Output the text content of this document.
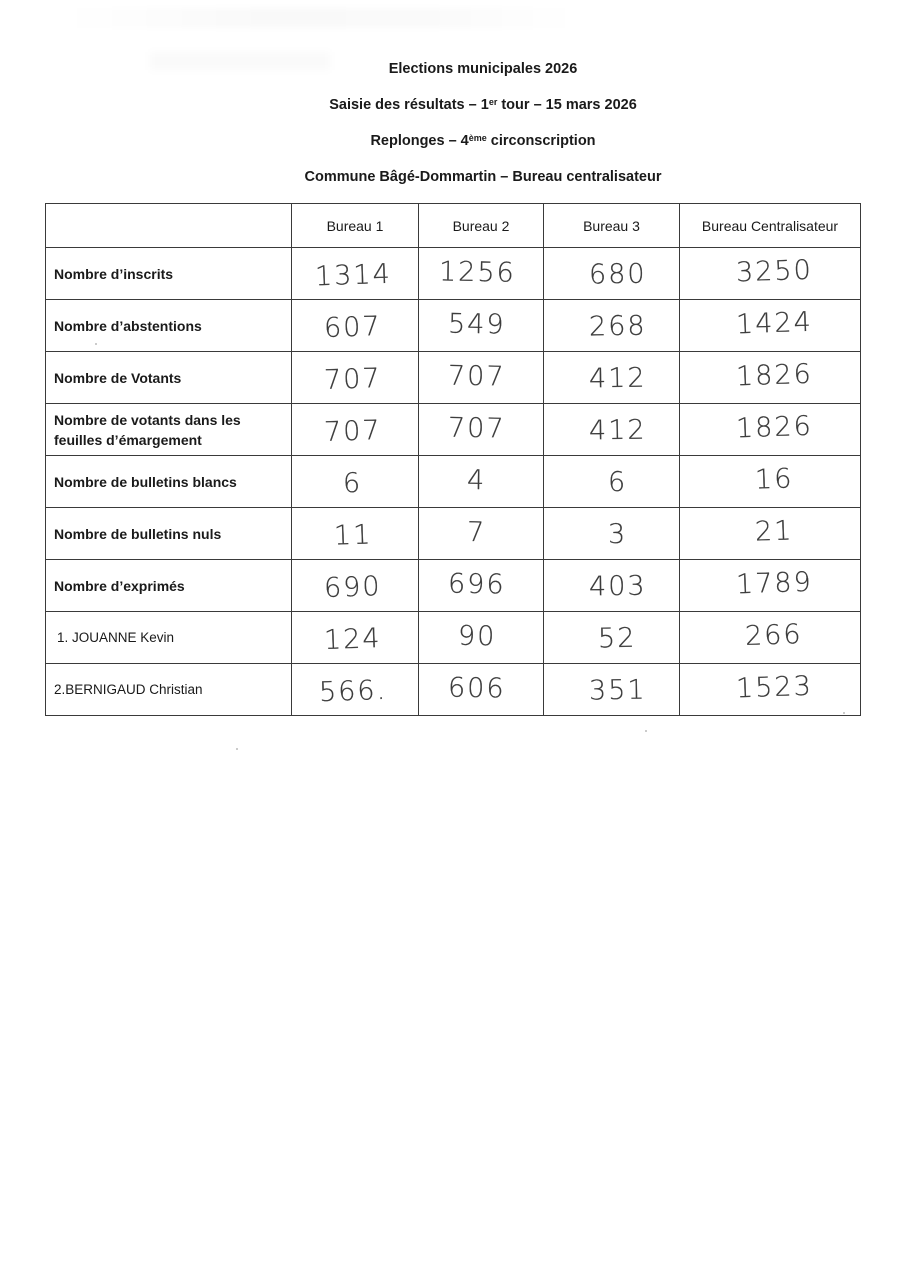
Elections municipales 2026
Saisie des résultats – 1er tour – 15 mars 2026
Replonges – 4ème circonscription
Commune Bâgé-Dommartin – Bureau centralisateur
	Bureau 1	Bureau 2	Bureau 3	Bureau Centralisateur
Nombre d’inscrits	1314	1256	680	3250
Nombre d’abstentions	607	549	268	1424
Nombre de Votants	707	707	412	1826
Nombre de votants dans les
feuilles d’émargement	707	707	412	1826
Nombre de bulletins blancs	6	4	6	16
Nombre de bulletins nuls	11	7	3	21
Nombre d’exprimés	690	696	403	1789
1. JOUANNE Kevin	124	90	52	266
2.BERNIGAUD Christian	566.	606	351	1523
